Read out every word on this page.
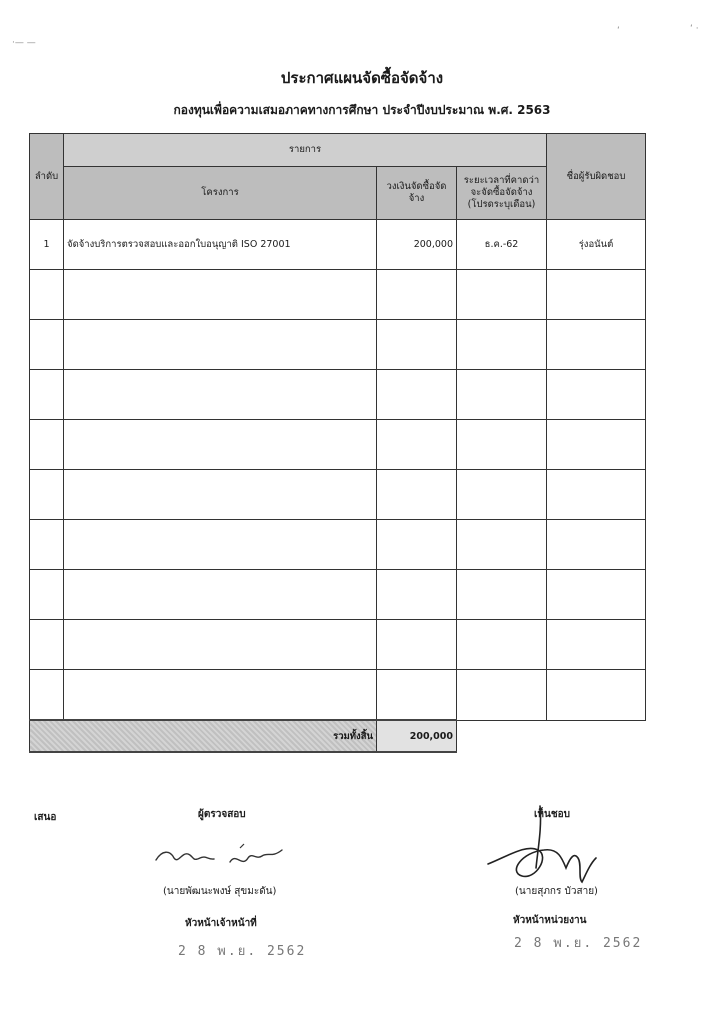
·— —
ʻ	ʻ ·
ประกาศแผนจัดซื้อจัดจ้าง
กองทุนเพื่อความเสมอภาคทางการศึกษา ประจำปีงบประมาณ พ.ศ. 2563
ลำดับ	รายการ			ชื่อผู้รับผิดชอบ
	โครงการ	วงเงินจัดซื้อจัดจ้าง	ระยะเวลาที่คาดว่าจะจัดซื้อจัดจ้าง
(โปรดระบุเดือน)	

1	จัดจ้างบริการตรวจสอบและออกใบอนุญาติ ISO 27001	200,000	ธ.ค.-62	รุ่งอนันต์

รวมทั้งสิ้น		200,000		
เสนอ	ผู้ตรวจสอบ	เห็นชอบ
(นายพัฒนะพงษ์ สุขมะดัน)	(นายสุภกร บัวสาย)
หัวหน้าเจ้าหน้าที่	หัวหน้าหน่วยงาน
2 8 พ.ย. 2562
2 8 พ.ย. 2562
